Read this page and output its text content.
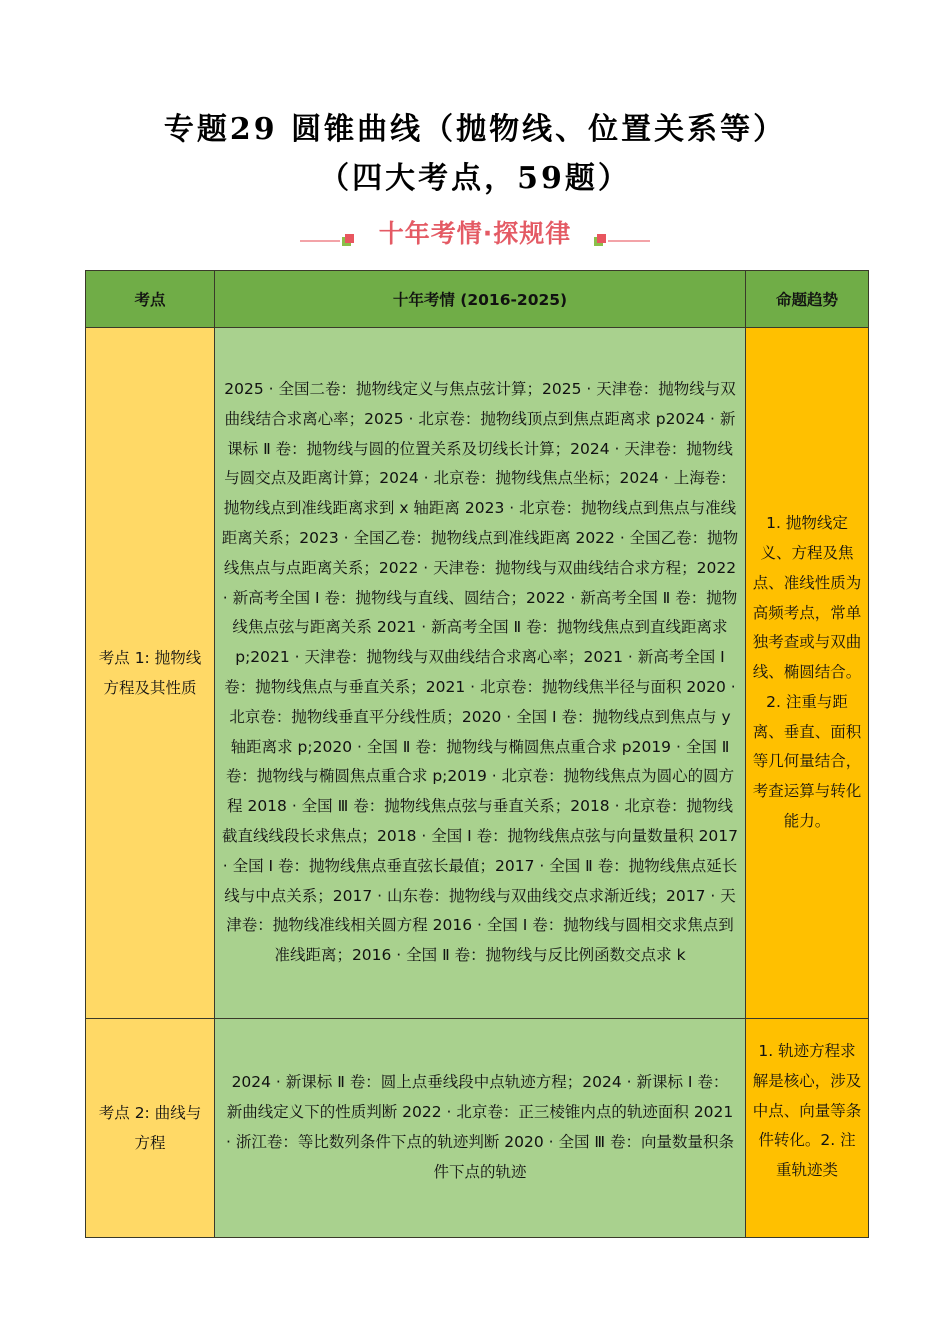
专题29 圆锥曲线（抛物线、位置关系等）
（四大考点，59题）
十年考情·探规律
考点	十年考情 (2016-2025)	命题趋势
考点 1: 抛物线方程及其性质	2025 · 全国二卷：抛物线定义与焦点弦计算；2025 · 天津卷：抛物线与双曲线结合求离心率；2025 · 北京卷：抛物线顶点到焦点距离求 p2024 · 新课标 Ⅱ 卷：抛物线与圆的位置关系及切线长计算；2024 · 天津卷：抛物线与圆交点及距离计算；2024 · 北京卷：抛物线焦点坐标；2024 · 上海卷：抛物线点到准线距离求到 x 轴距离 2023 · 北京卷：抛物线点到焦点与准线距离关系；2023 · 全国乙卷：抛物线点到准线距离 2022 · 全国乙卷：抛物线焦点与点距离关系；2022 · 天津卷：抛物线与双曲线结合求方程；2022 · 新高考全国 Ⅰ 卷：抛物线与直线、圆结合；2022 · 新高考全国 Ⅱ 卷：抛物线焦点弦与距离关系 2021 · 新高考全国 Ⅱ 卷：抛物线焦点到直线距离求 p;2021 · 天津卷：抛物线与双曲线结合求离心率；2021 · 新高考全国 Ⅰ 卷：抛物线焦点与垂直关系；2021 · 北京卷：抛物线焦半径与面积 2020 · 北京卷：抛物线垂直平分线性质；2020 · 全国 Ⅰ 卷：抛物线点到焦点与 y 轴距离求 p;2020 · 全国 Ⅱ 卷：抛物线与椭圆焦点重合求 p2019 · 全国 Ⅱ 卷：抛物线与椭圆焦点重合求 p;2019 · 北京卷：抛物线焦点为圆心的圆方程 2018 · 全国 Ⅲ 卷：抛物线焦点弦与垂直关系；2018 · 北京卷：抛物线截直线线段长求焦点；2018 · 全国 Ⅰ 卷：抛物线焦点弦与向量数量积 2017 · 全国 Ⅰ 卷：抛物线焦点垂直弦长最值；2017 · 全国 Ⅱ 卷：抛物线焦点延长线与中点关系；2017 · 山东卷：抛物线与双曲线交点求渐近线；2017 · 天津卷：抛物线准线相关圆方程 2016 · 全国 Ⅰ 卷：抛物线与圆相交求焦点到准线距离；2016 · 全国 Ⅱ 卷：抛物线与反比例函数交点求 k	1. 抛物线定义、方程及焦点、准线性质为高频考点，常单独考查或与双曲线、椭圆结合。2. 注重与距离、垂直、面积等几何量结合，考查运算与转化能力。
考点 2: 曲线与方程	2024 · 新课标 Ⅱ 卷：圆上点垂线段中点轨迹方程；2024 · 新课标 Ⅰ 卷：新曲线定义下的性质判断 2022 · 北京卷：正三棱锥内点的轨迹面积 2021 · 浙江卷：等比数列条件下点的轨迹判断 2020 · 全国 Ⅲ 卷：向量数量积条件下点的轨迹	1. 轨迹方程求解是核心，涉及中点、向量等条件转化。2. 注重轨迹类
